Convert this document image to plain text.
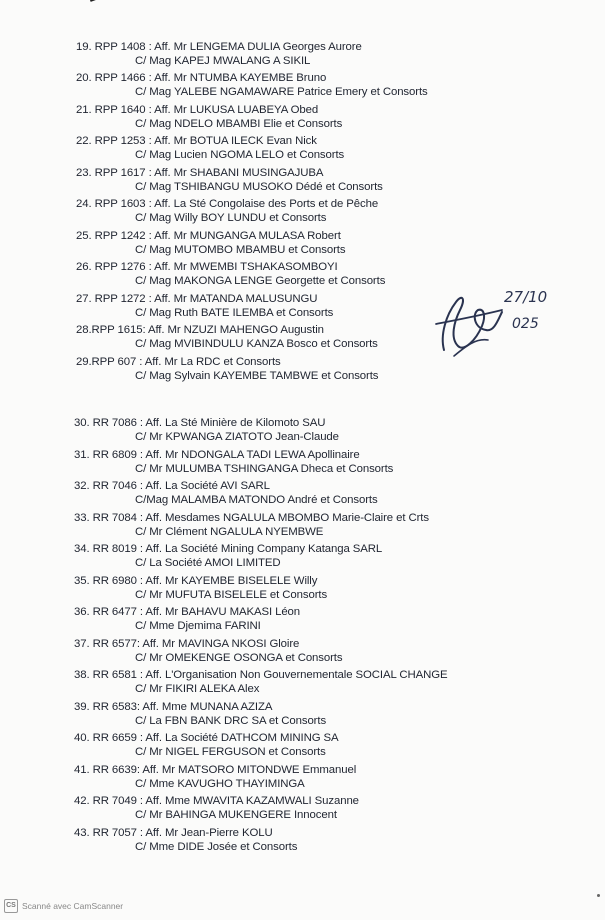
19. RPP 1408 : Aff. Mr LENGEMA DULIA Georges Aurore
C/ Mag KAPEJ MWALANG A SIKIL
20. RPP 1466 : Aff. Mr NTUMBA KAYEMBE Bruno
C/ Mag YALEBE NGAMAWARE Patrice Emery et Consorts
21. RPP 1640 : Aff. Mr LUKUSA LUABEYA Obed
C/ Mag NDELO MBAMBI Elie et Consorts
22. RPP 1253 : Aff. Mr BOTUA ILECK Evan Nick
C/ Mag Lucien NGOMA LELO et Consorts
23. RPP 1617 : Aff. Mr SHABANI MUSINGAJUBA
C/ Mag TSHIBANGU MUSOKO Dédé et Consorts
24. RPP 1603 : Aff. La Sté Congolaise des Ports et de Pêche
C/ Mag Willy BOY LUNDU et Consorts
25. RPP 1242 : Aff. Mr MUNGANGA MULASA Robert
C/ Mag MUTOMBO MBAMBU et Consorts
26. RPP 1276 : Aff. Mr MWEMBI TSHAKASOMBOYI
C/ Mag MAKONGA LENGE Georgette et Consorts
27. RPP 1272 : Aff. Mr MATANDA MALUSUNGU
C/ Mag Ruth BATE ILEMBA et Consorts
28.RPP 1615: Aff. Mr NZUZI MAHENGO Augustin
C/ Mag MVIBINDULU KANZA Bosco et Consorts
29.RPP 607 : Aff. Mr La RDC et Consorts
C/ Mag Sylvain KAYEMBE TAMBWE et Consorts
30. RR 7086 : Aff. La Sté Minière de Kilomoto SAU
C/ Mr KPWANGA ZIATOTO Jean-Claude
31. RR 6809 : Aff. Mr NDONGALA TADI LEWA Apollinaire
C/ Mr MULUMBA TSHINGANGA Dheca et Consorts
32. RR 7046 : Aff. La Société AVI SARL
C/Mag MALAMBA MATONDO André et Consorts
33. RR 7084 : Aff. Mesdames NGALULA MBOMBO Marie-Claire et Crts
C/ Mr Clément NGALULA NYEMBWE
34. RR 8019 : Aff. La Société Mining Company Katanga SARL
C/ La Société AMOI LIMITED
35. RR 6980 : Aff. Mr KAYEMBE BISELELE Willy
C/ Mr MUFUTA BISELELE et Consorts
36. RR 6477 : Aff. Mr BAHAVU MAKASI Léon
C/ Mme Djemima FARINI
37. RR 6577: Aff. Mr MAVINGA NKOSI Gloire
C/ Mr OMEKENGE OSONGA et Consorts
38. RR 6581 : Aff. L'Organisation Non Gouvernementale SOCIAL CHANGE
C/ Mr FIKIRI ALEKA Alex
39. RR 6583: Aff. Mme MUNANA AZIZA
C/ La FBN BANK DRC SA et Consorts
40. RR 6659 : Aff. La Société DATHCOM MINING SA
C/ Mr NIGEL FERGUSON et Consorts
41. RR 6639: Aff. Mr MATSORO MITONDWE Emmanuel
C/ Mme KAVUGHO THAYIMINGA
42. RR 7049 : Aff. Mme MWAVITA KAZAMWALI Suzanne
C/ Mr BAHINGA MUKENGERE Innocent
43. RR 7057 : Aff. Mr Jean-Pierre KOLU
C/ Mme DIDE Josée et Consorts
27/10
025
CS Scanné avec CamScanner
